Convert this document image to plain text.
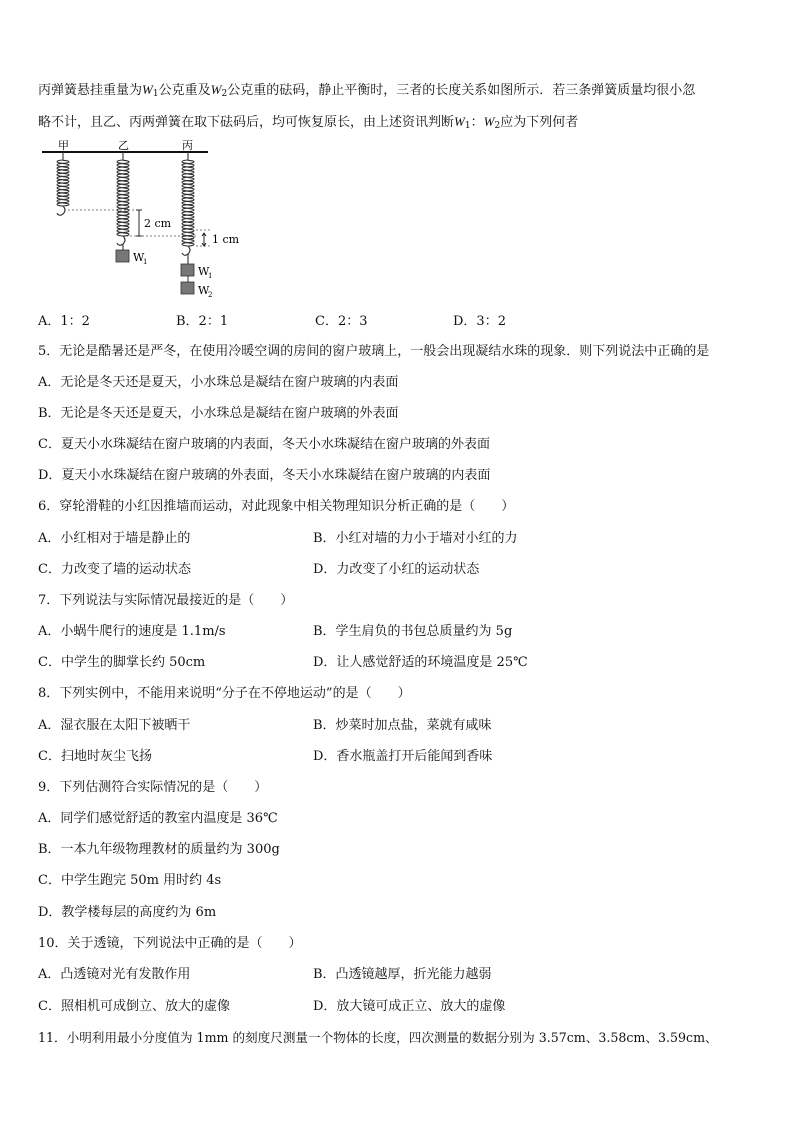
丙弹簧悬挂重量为$W_1$公克重及$W_2$公克重的砝码，静止平衡时，三者的长度关系如图所示．若三条弹簧质量均很小忽
略不计，且乙、丙两弹簧在取下砝码后，均可恢复原长，由上述资讯判断$W_1$：$W_2$应为下列何者
甲	乙	丙
W
1
W
1
W
2
2 cm
1 cm
A．1：2	B．2：1	C．2：3	D．3：2
5．无论是酷暑还是严冬，在使用冷暖空调的房间的窗户玻璃上，一般会出现凝结水珠的现象．则下列说法中正确的是
A．无论是冬天还是夏天，小水珠总是凝结在窗户玻璃的内表面
B．无论是冬天还是夏天，小水珠总是凝结在窗户玻璃的外表面
C．夏天小水珠凝结在窗户玻璃的内表面，冬天小水珠凝结在窗户玻璃的外表面
D．夏天小水珠凝结在窗户玻璃的外表面，冬天小水珠凝结在窗户玻璃的内表面
6．穿轮滑鞋的小红因推墙而运动，对此现象中相关物理知识分析正确的是（　　）
A．小红相对于墙是静止的	B．小红对墙的力小于墙对小红的力
C．力改变了墙的运动状态	D．力改变了小红的运动状态
7．下列说法与实际情况最接近的是（　　）
A．小蜗牛爬行的速度是 1.1m/s	B．学生肩负的书包总质量约为 5g
C．中学生的脚掌长约 50cm	D．让人感觉舒适的环境温度是 25℃
8．下列实例中，不能用来说明“分子在不停地运动”的是（　　）
A．湿衣服在太阳下被晒干	B．炒菜时加点盐，菜就有咸味
C．扫地时灰尘飞扬	D．香水瓶盖打开后能闻到香味
9．下列估测符合实际情况的是（　　）
A．同学们感觉舒适的教室内温度是 36℃
B．一本九年级物理教材的质量约为 300g
C．中学生跑完 50m 用时约 4s
D．教学楼每层的高度约为 6m
10．关于透镜，下列说法中正确的是（　　）
A．凸透镜对光有发散作用	B．凸透镜越厚，折光能力越弱
C．照相机可成倒立、放大的虚像	D．放大镜可成正立、放大的虚像
11．小明利用最小分度值为 1mm 的刻度尺测量一个物体的长度，四次测量的数据分别为 3.57cm、3.58cm、3.59cm、
